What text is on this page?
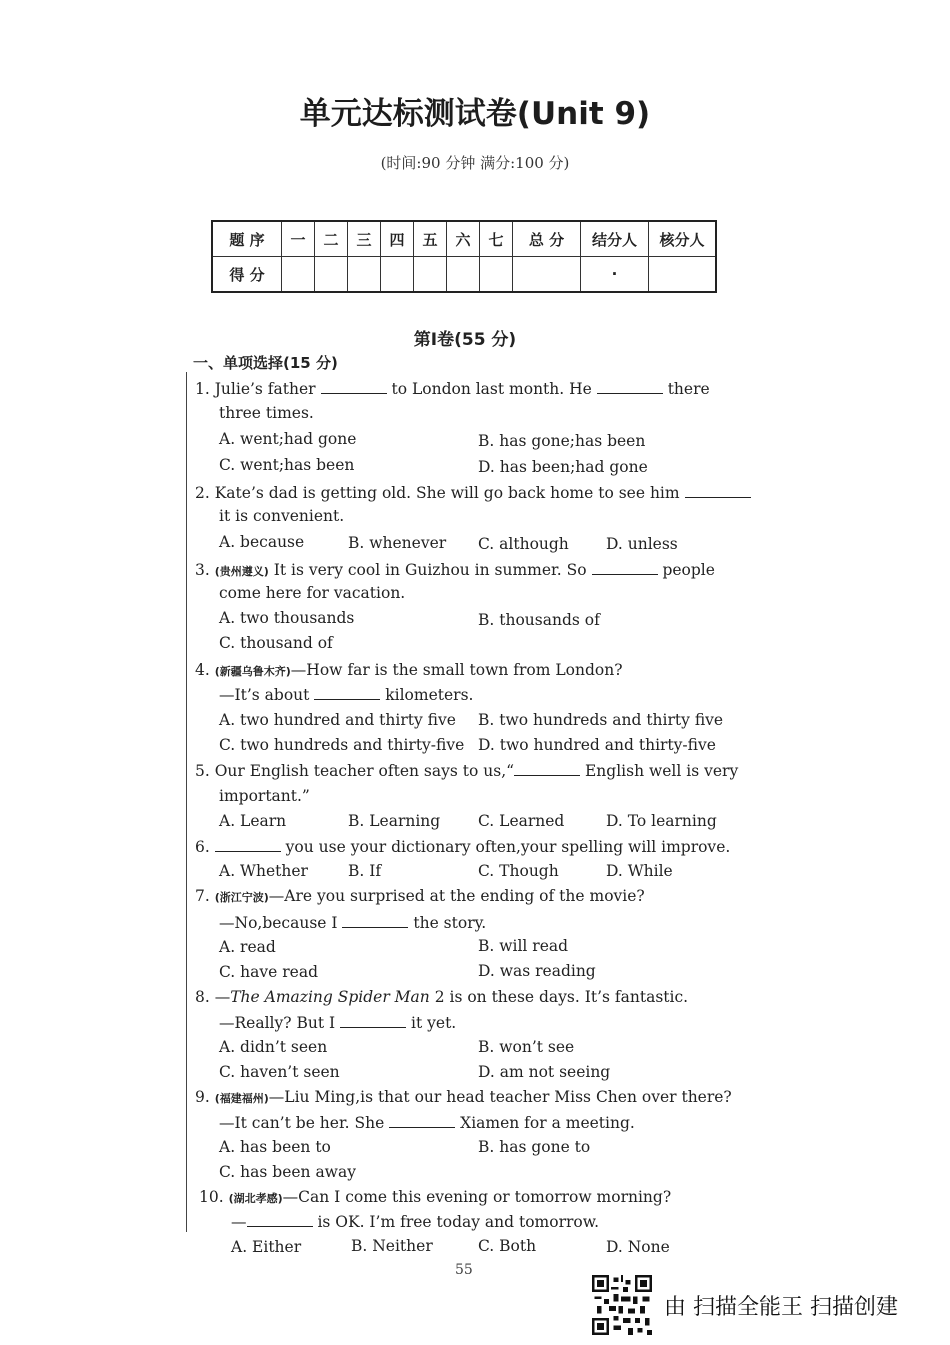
单元达标测试卷(Unit 9)
(时间:90 分钟 满分:100 分)
题 序	一	二	三	四	五	六	七	总 分	结分人	核分人
得 分									·	
第Ⅰ卷(55 分)
一、单项选择(15 分)
1. Julie’s father	to London last month. He	there
three times.
A. went;had gone	B. has gone;has been
C. went;has been	D. has been;had gone
2. Kate’s dad is getting old. She will go back home to see him
it is convenient.
A. because	B. whenever C. although D. unless
3. (贵州遵义) It is very cool in Guizhou in summer. So	people
come here for vacation.
A. two thousands	B. thousands of
C. thousand of
4. (新疆乌鲁木齐)—How far is the small town from London?
—It’s about	kilometers.
A. two hundred and thirty five B. two hundreds and thirty five
C. two hundreds and thirty-five D. two hundred and thirty-five
5. Our English teacher often says to us,“	English well is very
important.”
A. Learn	B. Learning C. Learned	D. To learning
6.	you use your dictionary often,your spelling will improve.
A. Whether	B. If	C. Though	D. While
7. (浙江宁波)—Are you surprised at the ending of the movie?
—No,because I	the story.
A. read	B. will read
C. have read	D. was reading
8. —The Amazing Spider Man 2 is on these days. It’s fantastic.
—Really? But I	it yet.
A. didn’t seen	B. won’t see
C. haven’t seen	D. am not seeing
9. (福建福州)—Liu Ming,is that our head teacher Miss Chen over there?
—It can’t be her. She	Xiamen for a meeting.
A. has been to	B. has gone to
C. has been away
10. (湖北孝感)—Can I come this evening or tomorrow morning?
—	is OK. I’m free today and tomorrow.
A. Either	B. Neither	C. Both	D. None
55
由 扫描全能王 扫描创建
